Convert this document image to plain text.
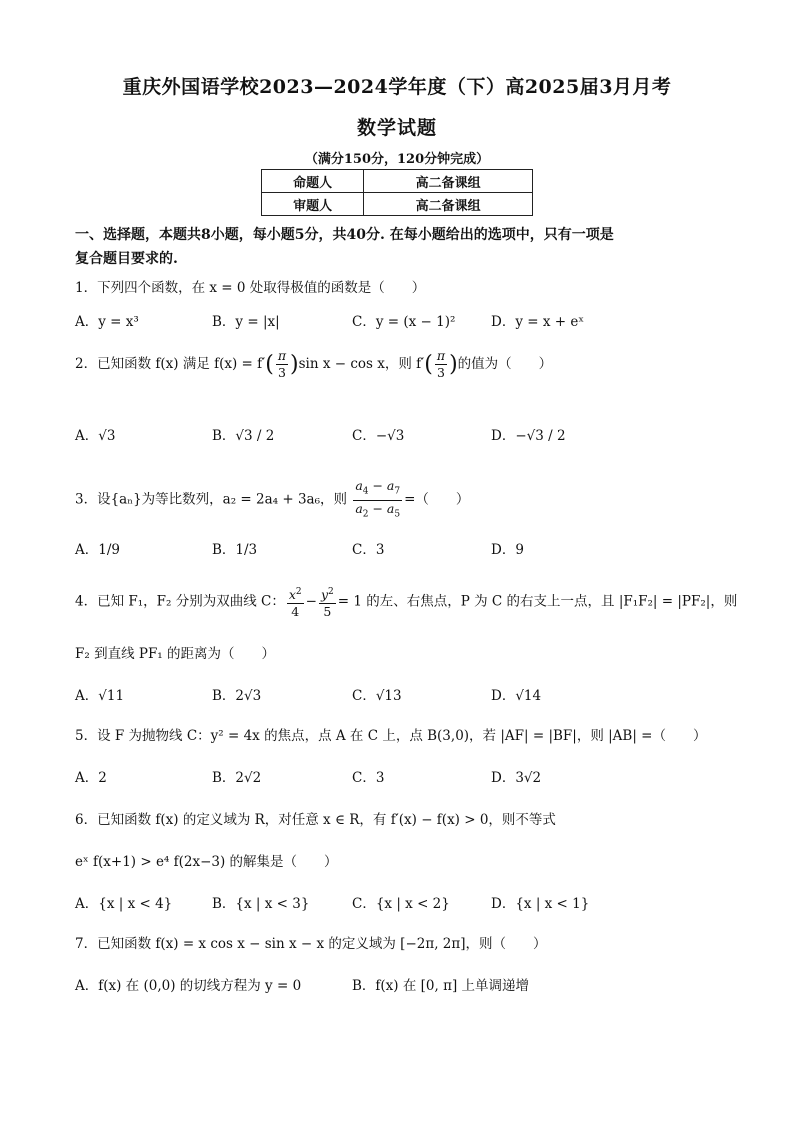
重庆外国语学校2023—2024学年度（下）高2025届3月月考
数学试题
（满分150分，120分钟完成）
命题人	高二备课组
审题人	高二备课组
一、选择题，本题共8小题，每小题5分，共40分. 在每小题给出的选项中，只有一项是
复合题目要求的.
1．下列四个函数，在 x = 0 处取得极值的函数是（　　）
A．y = x³	B．y = |x|	C．y = (x − 1)²	D．y = x + eˣ
2．已知函数 f(x) 满足 $f(x) = f'( \frac{\pi}{3} )\sin$ x − cos x，则 $f'( \frac{\pi}{3}$ )的值为（　　）
A．√3	B．√3 / 2	C．−√3	D．−√3 / 2
3．设{aₙ}为等比数列，a₂ = 2a₄ + 3a₆，则 $\frac{a_4 - a_7}{a_2 - a_5}$ =（　　）
A．1/9	B．1/3	C．3	D．9
4．已知 F₁，F₂ 分别为双曲线 C： $\frac{x^2}{4} - \frac{y^2}{5} = 1$ 的左、右焦点，P 为 C 的右支上一点，且 |F₁F₂| = |PF₂|，则
F₂ 到直线 PF₁ 的距离为（　　）
A．√11	B．2√3	C．√13	D．√14
5．设 F 为抛物线 C：y² = 4x 的焦点，点 A 在 C 上，点 B(3,0)，若 |AF| = |BF|，则 |AB| =（　　）
A．2	B．2√2	C．3	D．3√2
6．已知函数 f(x) 的定义域为 R，对任意 x ∈ R，有 f′(x) − f(x) > 0，则不等式
eˣ f(x+1) > e⁴ f(2x−3) 的解集是（　　）
A．{x | x < 4}	B．{x | x < 3}	C．{x | x < 2}	D．{x | x < 1}
7．已知函数 f(x) = x cos x − sin x − x 的定义域为 [−2π, 2π]，则（　　）
A．f(x) 在 (0,0) 的切线方程为 y = 0	B．f(x) 在 [0, π] 上单调递增
